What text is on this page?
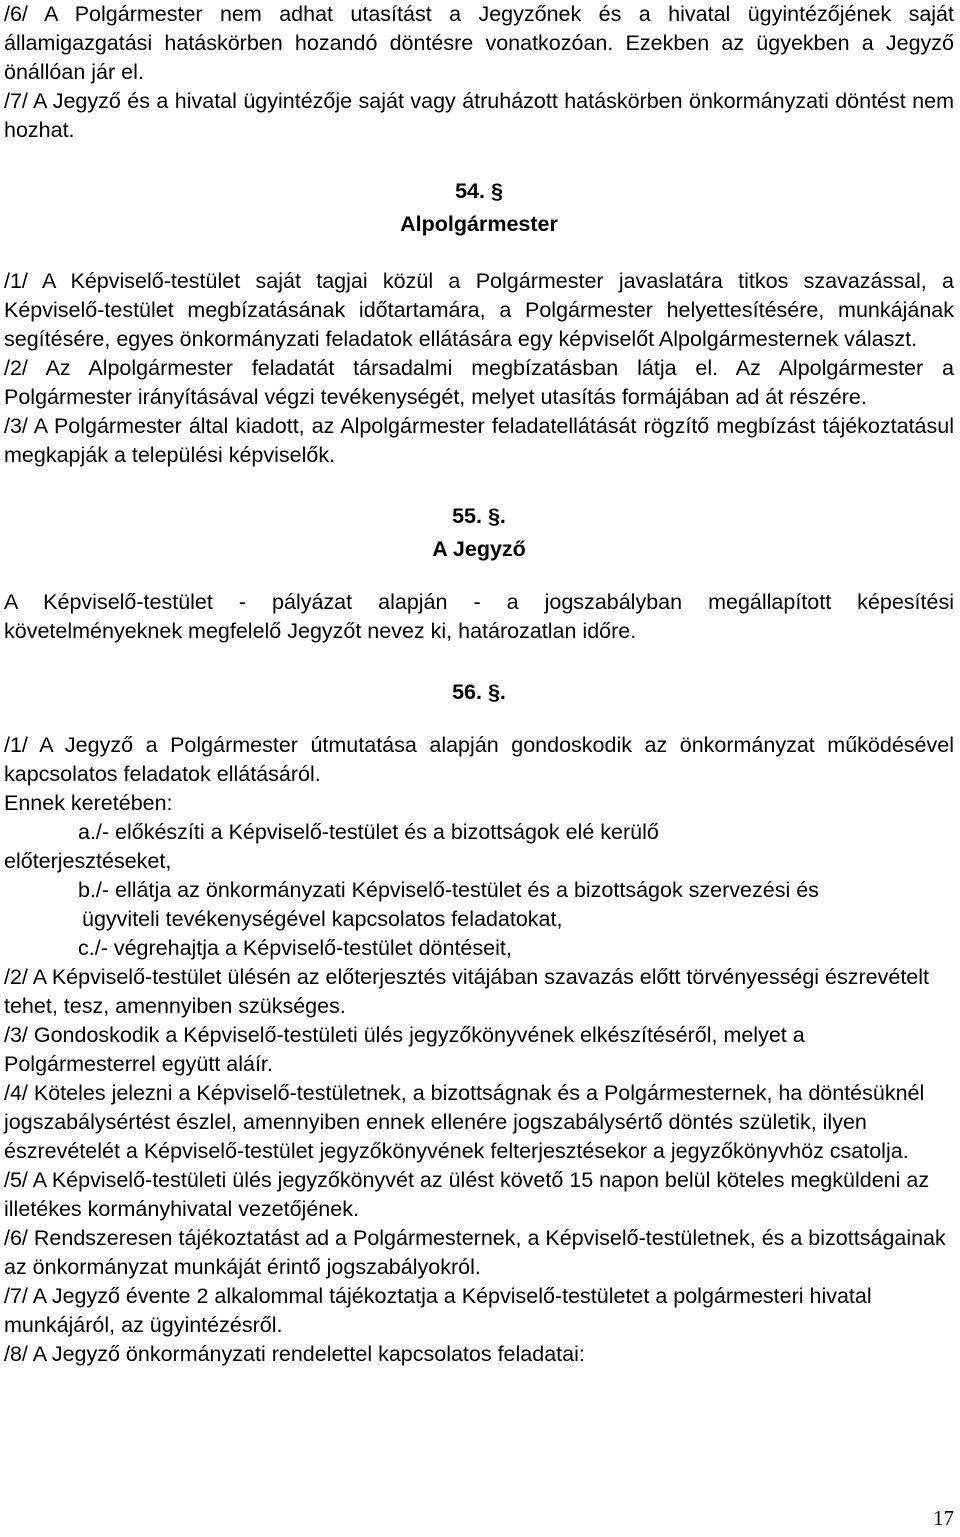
/6/ A Polgármester nem adhat utasítást a Jegyzőnek és a hivatal ügyintézőjének saját államigazgatási hatáskörben hozandó döntésre vonatkozóan. Ezekben az ügyekben a Jegyző önállóan jár el.

/7/ A Jegyző és a hivatal ügyintézője saját vagy átruházott hatáskörben önkormányzati döntést nem hozhat.

54. §

Alpolgármester

/1/ A Képviselő-testület saját tagjai közül a Polgármester javaslatára titkos szavazással, a Képviselő-testület megbízatásának időtartamára, a Polgármester helyettesítésére, munkájának segítésére, egyes önkormányzati feladatok ellátására egy képviselőt Alpolgármesternek választ.

/2/ Az Alpolgármester feladatát társadalmi megbízatásban látja el. Az Alpolgármester a Polgármester irányításával végzi tevékenységét, melyet utasítás formájában ad át részére.

/3/ A Polgármester által kiadott, az Alpolgármester feladatellátását rögzítő megbízást tájékoztatásul megkapják a települési képviselők.

55. §.

A Jegyző

A Képviselő-testület - pályázat alapján - a jogszabályban megállapított képesítési követelményeknek megfelelő Jegyzőt nevez ki, határozatlan időre.

56. §.

/1/ A Jegyző a Polgármester útmutatása alapján gondoskodik az önkormányzat működésével kapcsolatos feladatok ellátásáról.

Ennek keretében:

a./- előkészíti a Képviselő-testület és a bizottságok elé kerülő

előterjesztéseket,

b./- ellátja az önkormányzati Képviselő-testület és a bizottságok szervezési és

ügyviteli tevékenységével kapcsolatos feladatokat,

c./- végrehajtja a Képviselő-testület döntéseit,

/2/ A Képviselő-testület ülésén az előterjesztés vitájában szavazás előtt törvényességi észrevételt tehet, tesz, amennyiben szükséges.

/3/ Gondoskodik a Képviselő-testületi ülés jegyzőkönyvének elkészítéséről, melyet a Polgármesterrel együtt aláír.

/4/ Köteles jelezni a Képviselő-testületnek, a bizottságnak és a Polgármesternek, ha döntésüknél jogszabálysértést észlel, amennyiben ennek ellenére jogszabálysértő döntés születik, ilyen észrevételét a Képviselő-testület jegyzőkönyvének felterjesztésekor a jegyzőkönyvhöz csatolja.

/5/ A Képviselő-testületi ülés jegyzőkönyvét az ülést követő 15 napon belül köteles megküldeni az illetékes kormányhivatal vezetőjének.

/6/ Rendszeresen tájékoztatást ad a Polgármesternek, a Képviselő-testületnek, és a bizottságainak az önkormányzat munkáját érintő jogszabályokról.

/7/ A Jegyző évente 2 alkalommal tájékoztatja a Képviselő-testületet a polgármesteri hivatal munkájáról, az ügyintézésről.

/8/ A Jegyző önkormányzati rendelettel kapcsolatos feladatai:

17
